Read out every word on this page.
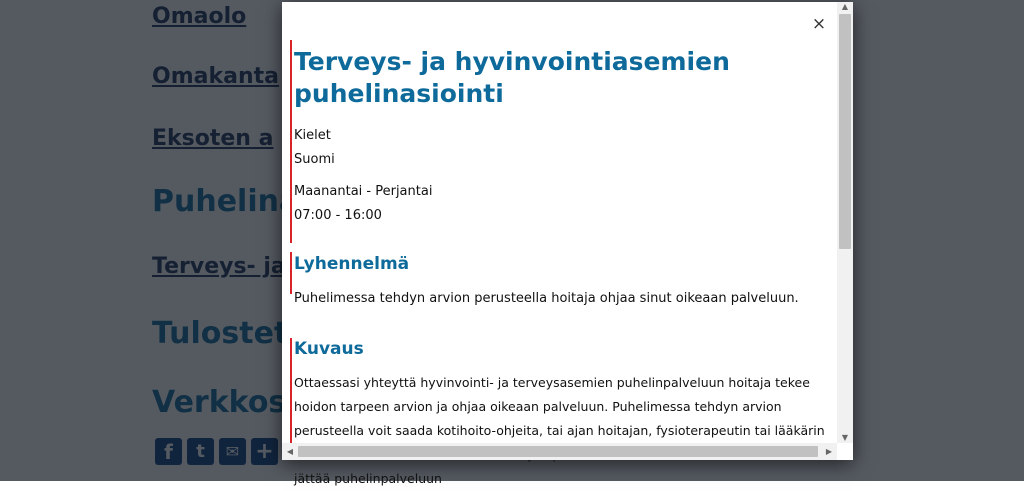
×
Terveys- ja hyvinvointiasemien puhelinasiointi

Kielet

Suomi

Maanantai - Perjantai

07:00 - 16:00

Lyhennelmä

Puhelimessa tehdyn arvion perusteella hoitaja ohjaa sinut oikeaan palveluun.

Kuvaus

Ottaessasi yhteyttä hyvinvointi- ja terveysasemien puhelinpalveluun hoitaja tekee hoidon tarpeen arvion ja ohjaa oikeaan palveluun. Puhelimessa tehdyn arvion perusteella voit saada kotihoito-ohjeita, tai ajan hoitajan, fysioterapeutin tai lääkärin jättää puhelinpalveluun

▲
▼
◀	▶
